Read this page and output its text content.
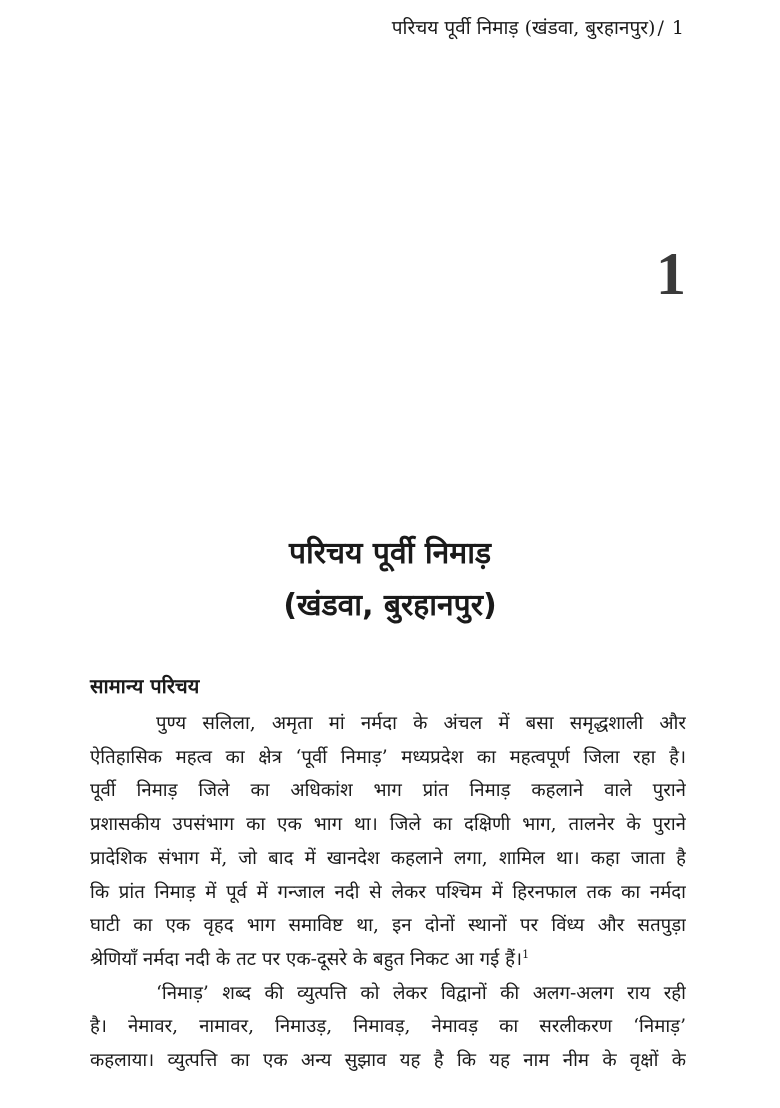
परिचय पूर्वी निमाड़ (खंडवा, बुरहानपुर) / 1
1
परिचय पूर्वी निमाड़
(खंडवा, बुरहानपुर)
सामान्य परिचय
पुण्य सलिला, अमृता मां नर्मदा के अंचल में बसा समृद्धशाली और
ऐतिहासिक महत्व का क्षेत्र ‘पूर्वी निमाड़’ मध्यप्रदेश का महत्वपूर्ण जिला रहा है।
पूर्वी निमाड़ जिले का अधिकांश भाग प्रांत निमाड़ कहलाने वाले पुराने
प्रशासकीय उपसंभाग का एक भाग था। जिले का दक्षिणी भाग, तालनेर के पुराने
प्रादेशिक संभाग में, जो बाद में खानदेश कहलाने लगा, शामिल था। कहा जाता है
कि प्रांत निमाड़ में पूर्व में गन्जाल नदी से लेकर पश्चिम में हिरनफाल तक का नर्मदा
घाटी का एक वृहद भाग समाविष्ट था, इन दोनों स्थानों पर विंध्य और सतपुड़ा
श्रेणियाँ नर्मदा नदी के तट पर एक-दूसरे के बहुत निकट आ गई हैं।$^1$
‘निमाड़’ शब्द की व्युत्पत्ति को लेकर विद्वानों की अलग-अलग राय रही
है। नेमावर, नामावर, निमाउड़, निमावड़, नेमावड़ का सरलीकरण ‘निमाड़’
कहलाया। व्युत्पत्ति का एक अन्य सुझाव यह है कि यह नाम नीम के वृक्षों के
